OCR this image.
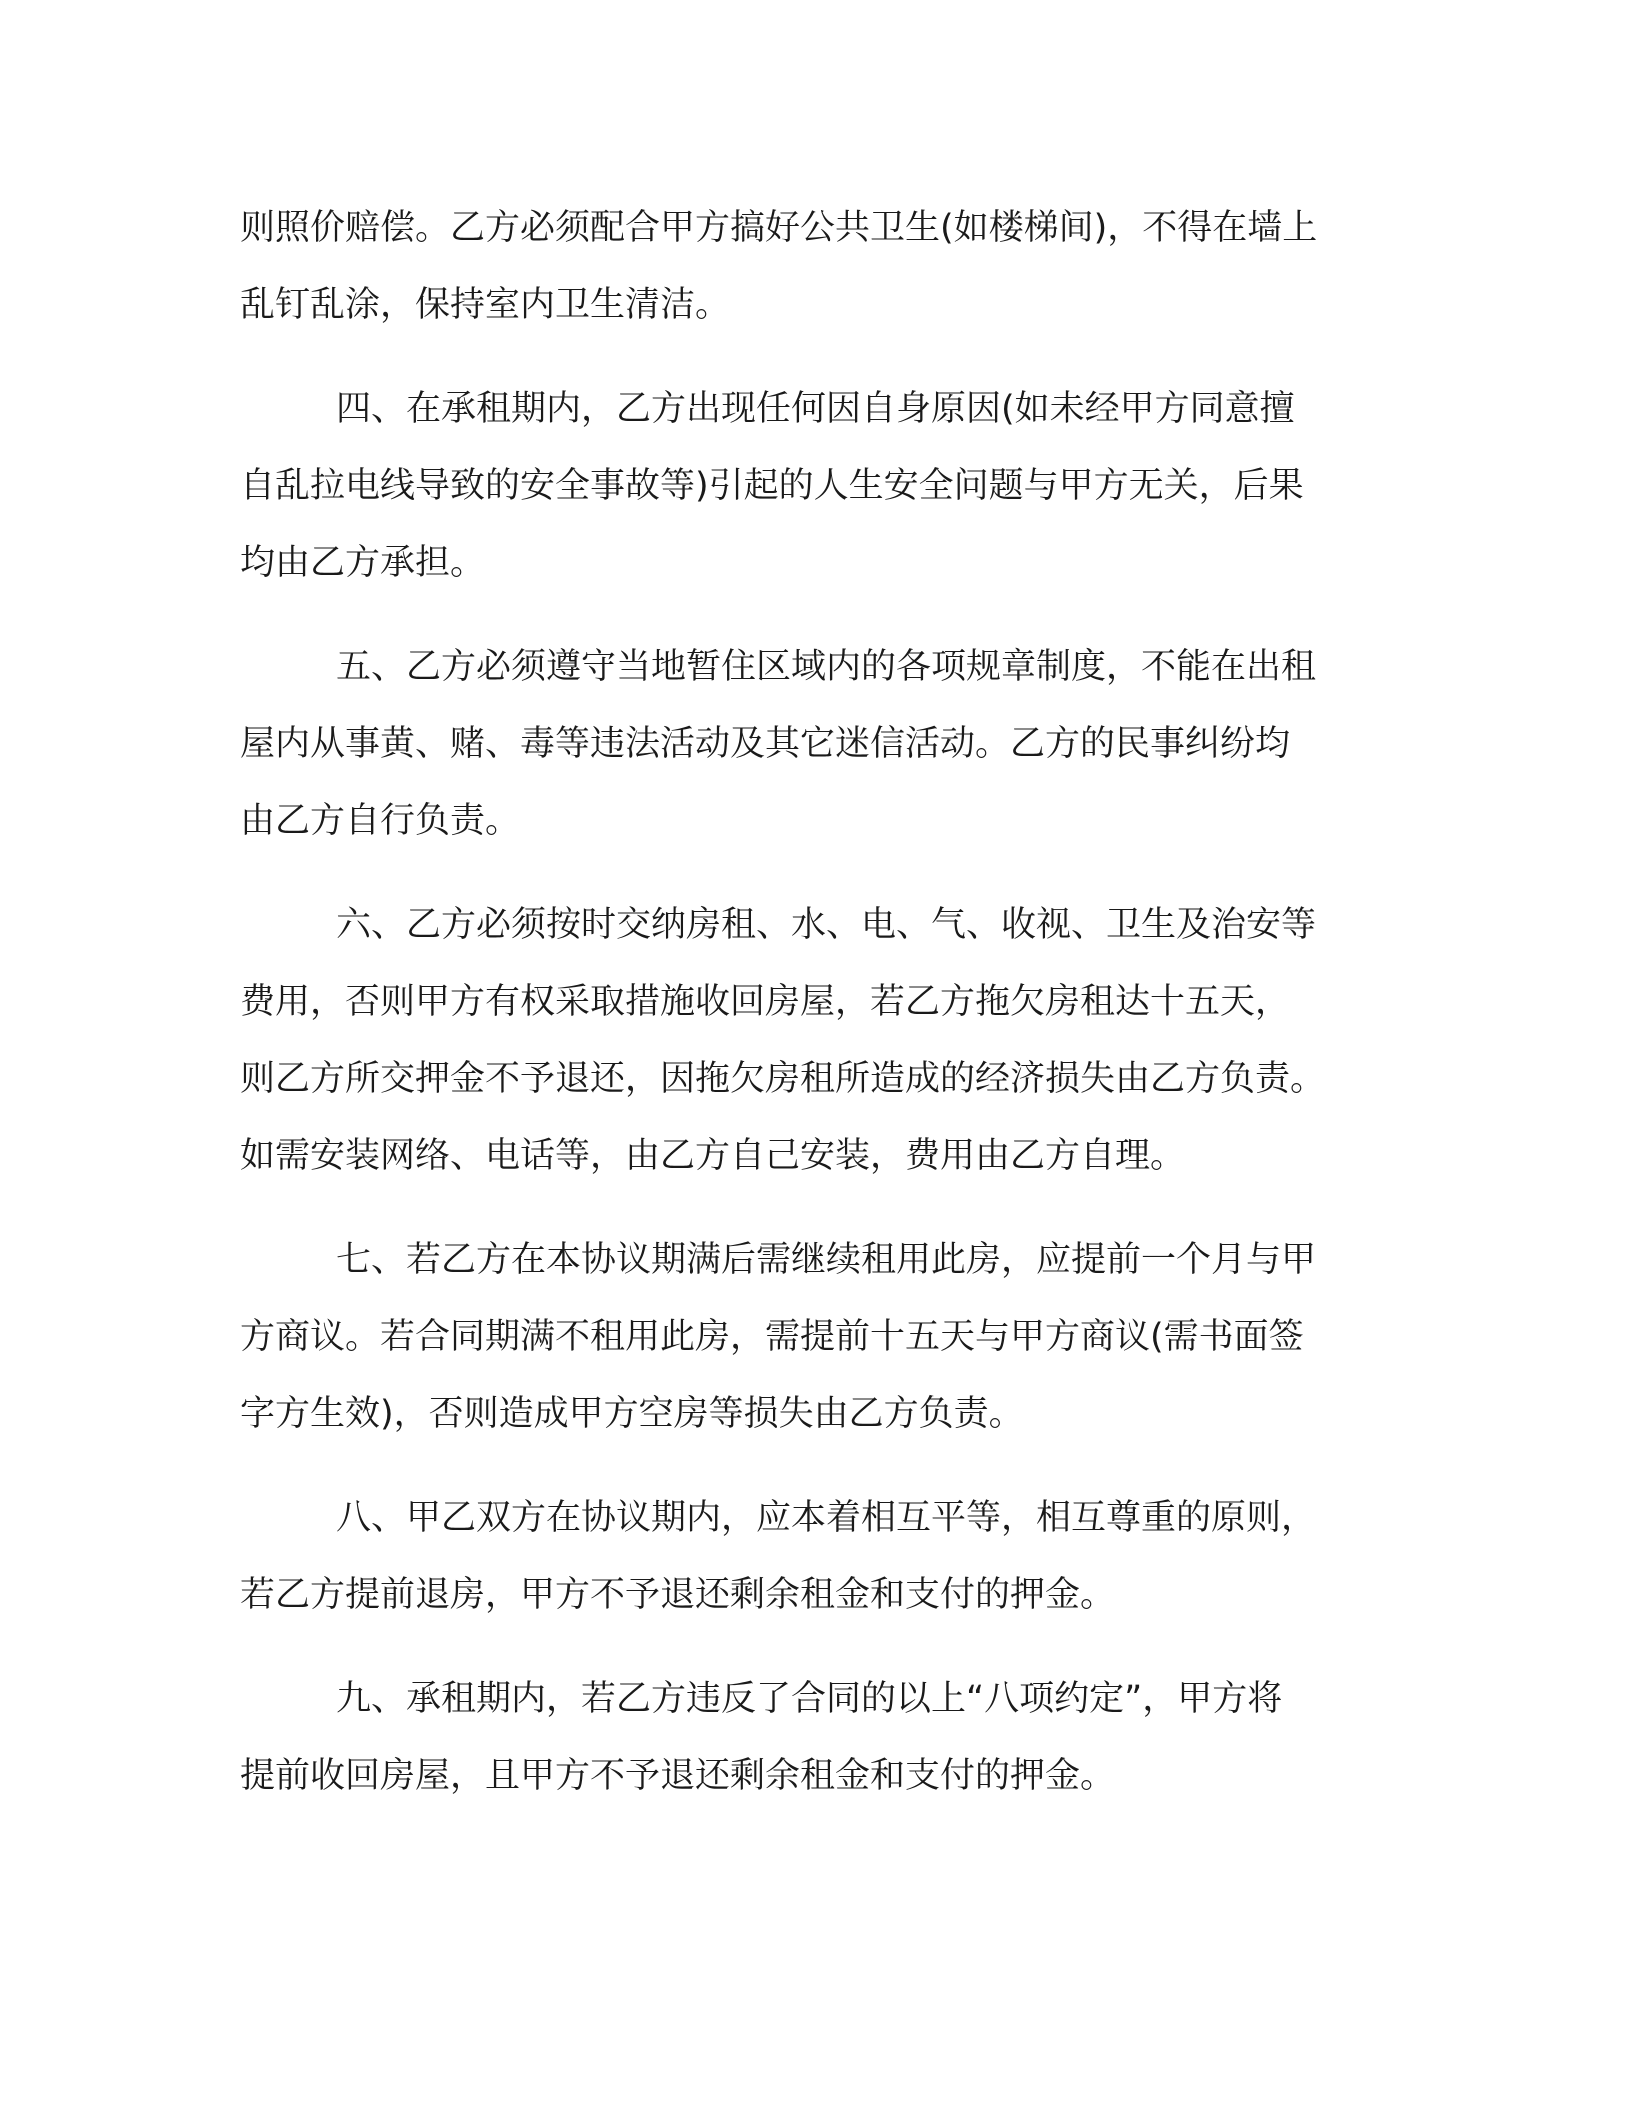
则照价赔偿。乙方必须配合甲方搞好公共卫生(如楼梯间)，不得在墙上
乱钉乱涂，保持室内卫生清洁。

四、在承租期内，乙方出现任何因自身原因(如未经甲方同意擅
自乱拉电线导致的安全事故等)引起的人生安全问题与甲方无关，后果
均由乙方承担。

五、乙方必须遵守当地暂住区域内的各项规章制度，不能在出租
屋内从事黄、赌、毒等违法活动及其它迷信活动。乙方的民事纠纷均
由乙方自行负责。

六、乙方必须按时交纳房租、水、电、气、收视、卫生及治安等
费用，否则甲方有权采取措施收回房屋，若乙方拖欠房租达十五天，
则乙方所交押金不予退还，因拖欠房租所造成的经济损失由乙方负责。
如需安装网络、电话等，由乙方自己安装，费用由乙方自理。

七、若乙方在本协议期满后需继续租用此房，应提前一个月与甲
方商议。若合同期满不租用此房，需提前十五天与甲方商议(需书面签
字方生效)，否则造成甲方空房等损失由乙方负责。

八、甲乙双方在协议期内，应本着相互平等，相互尊重的原则，
若乙方提前退房，甲方不予退还剩余租金和支付的押金。

九、承租期内，若乙方违反了合同的以上“八项约定”，甲方将
提前收回房屋，且甲方不予退还剩余租金和支付的押金。
